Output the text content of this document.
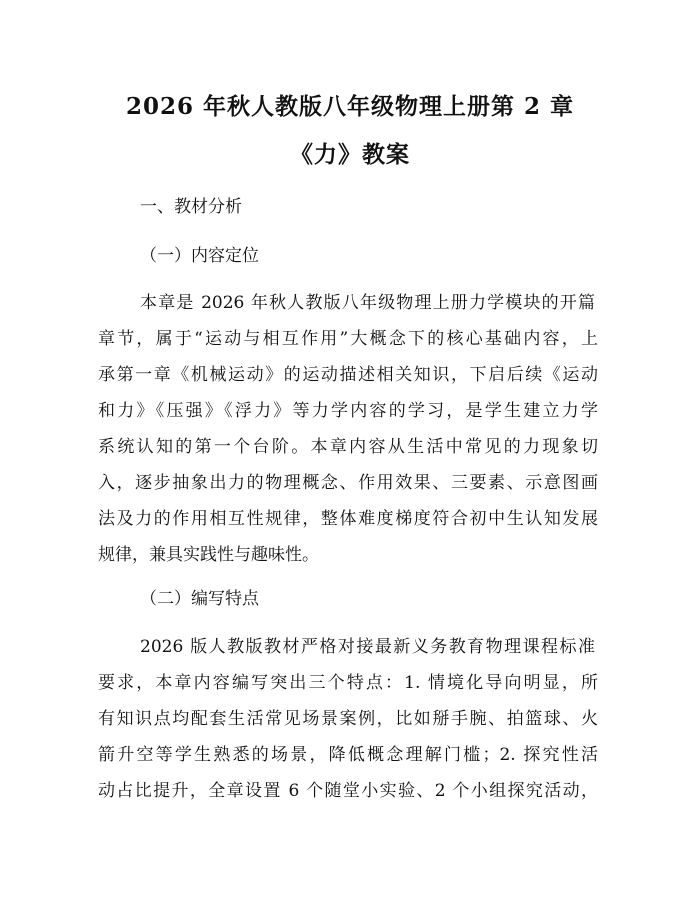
2026 年秋人教版八年级物理上册第 2 章
《力》教案
一、教材分析
（一）内容定位
本章是 2026 年秋人教版八年级物理上册力学模块的开篇
章节，属于“运动与相互作用”大概念下的核心基础内容，上
承第一章《机械运动》的运动描述相关知识，下启后续《运动
和力》《压强》《浮力》等力学内容的学习，是学生建立力学
系统认知的第一个台阶。本章内容从生活中常见的力现象切
入，逐步抽象出力的物理概念、作用效果、三要素、示意图画
法及力的作用相互性规律，整体难度梯度符合初中生认知发展
规律，兼具实践性与趣味性。
（二）编写特点
2026 版人教版教材严格对接最新义务教育物理课程标准
要求，本章内容编写突出三个特点：1. 情境化导向明显，所
有知识点均配套生活常见场景案例，比如掰手腕、拍篮球、火
箭升空等学生熟悉的场景，降低概念理解门槛；2. 探究性活
动占比提升，全章设置 6 个随堂小实验、2 个小组探究活动，
